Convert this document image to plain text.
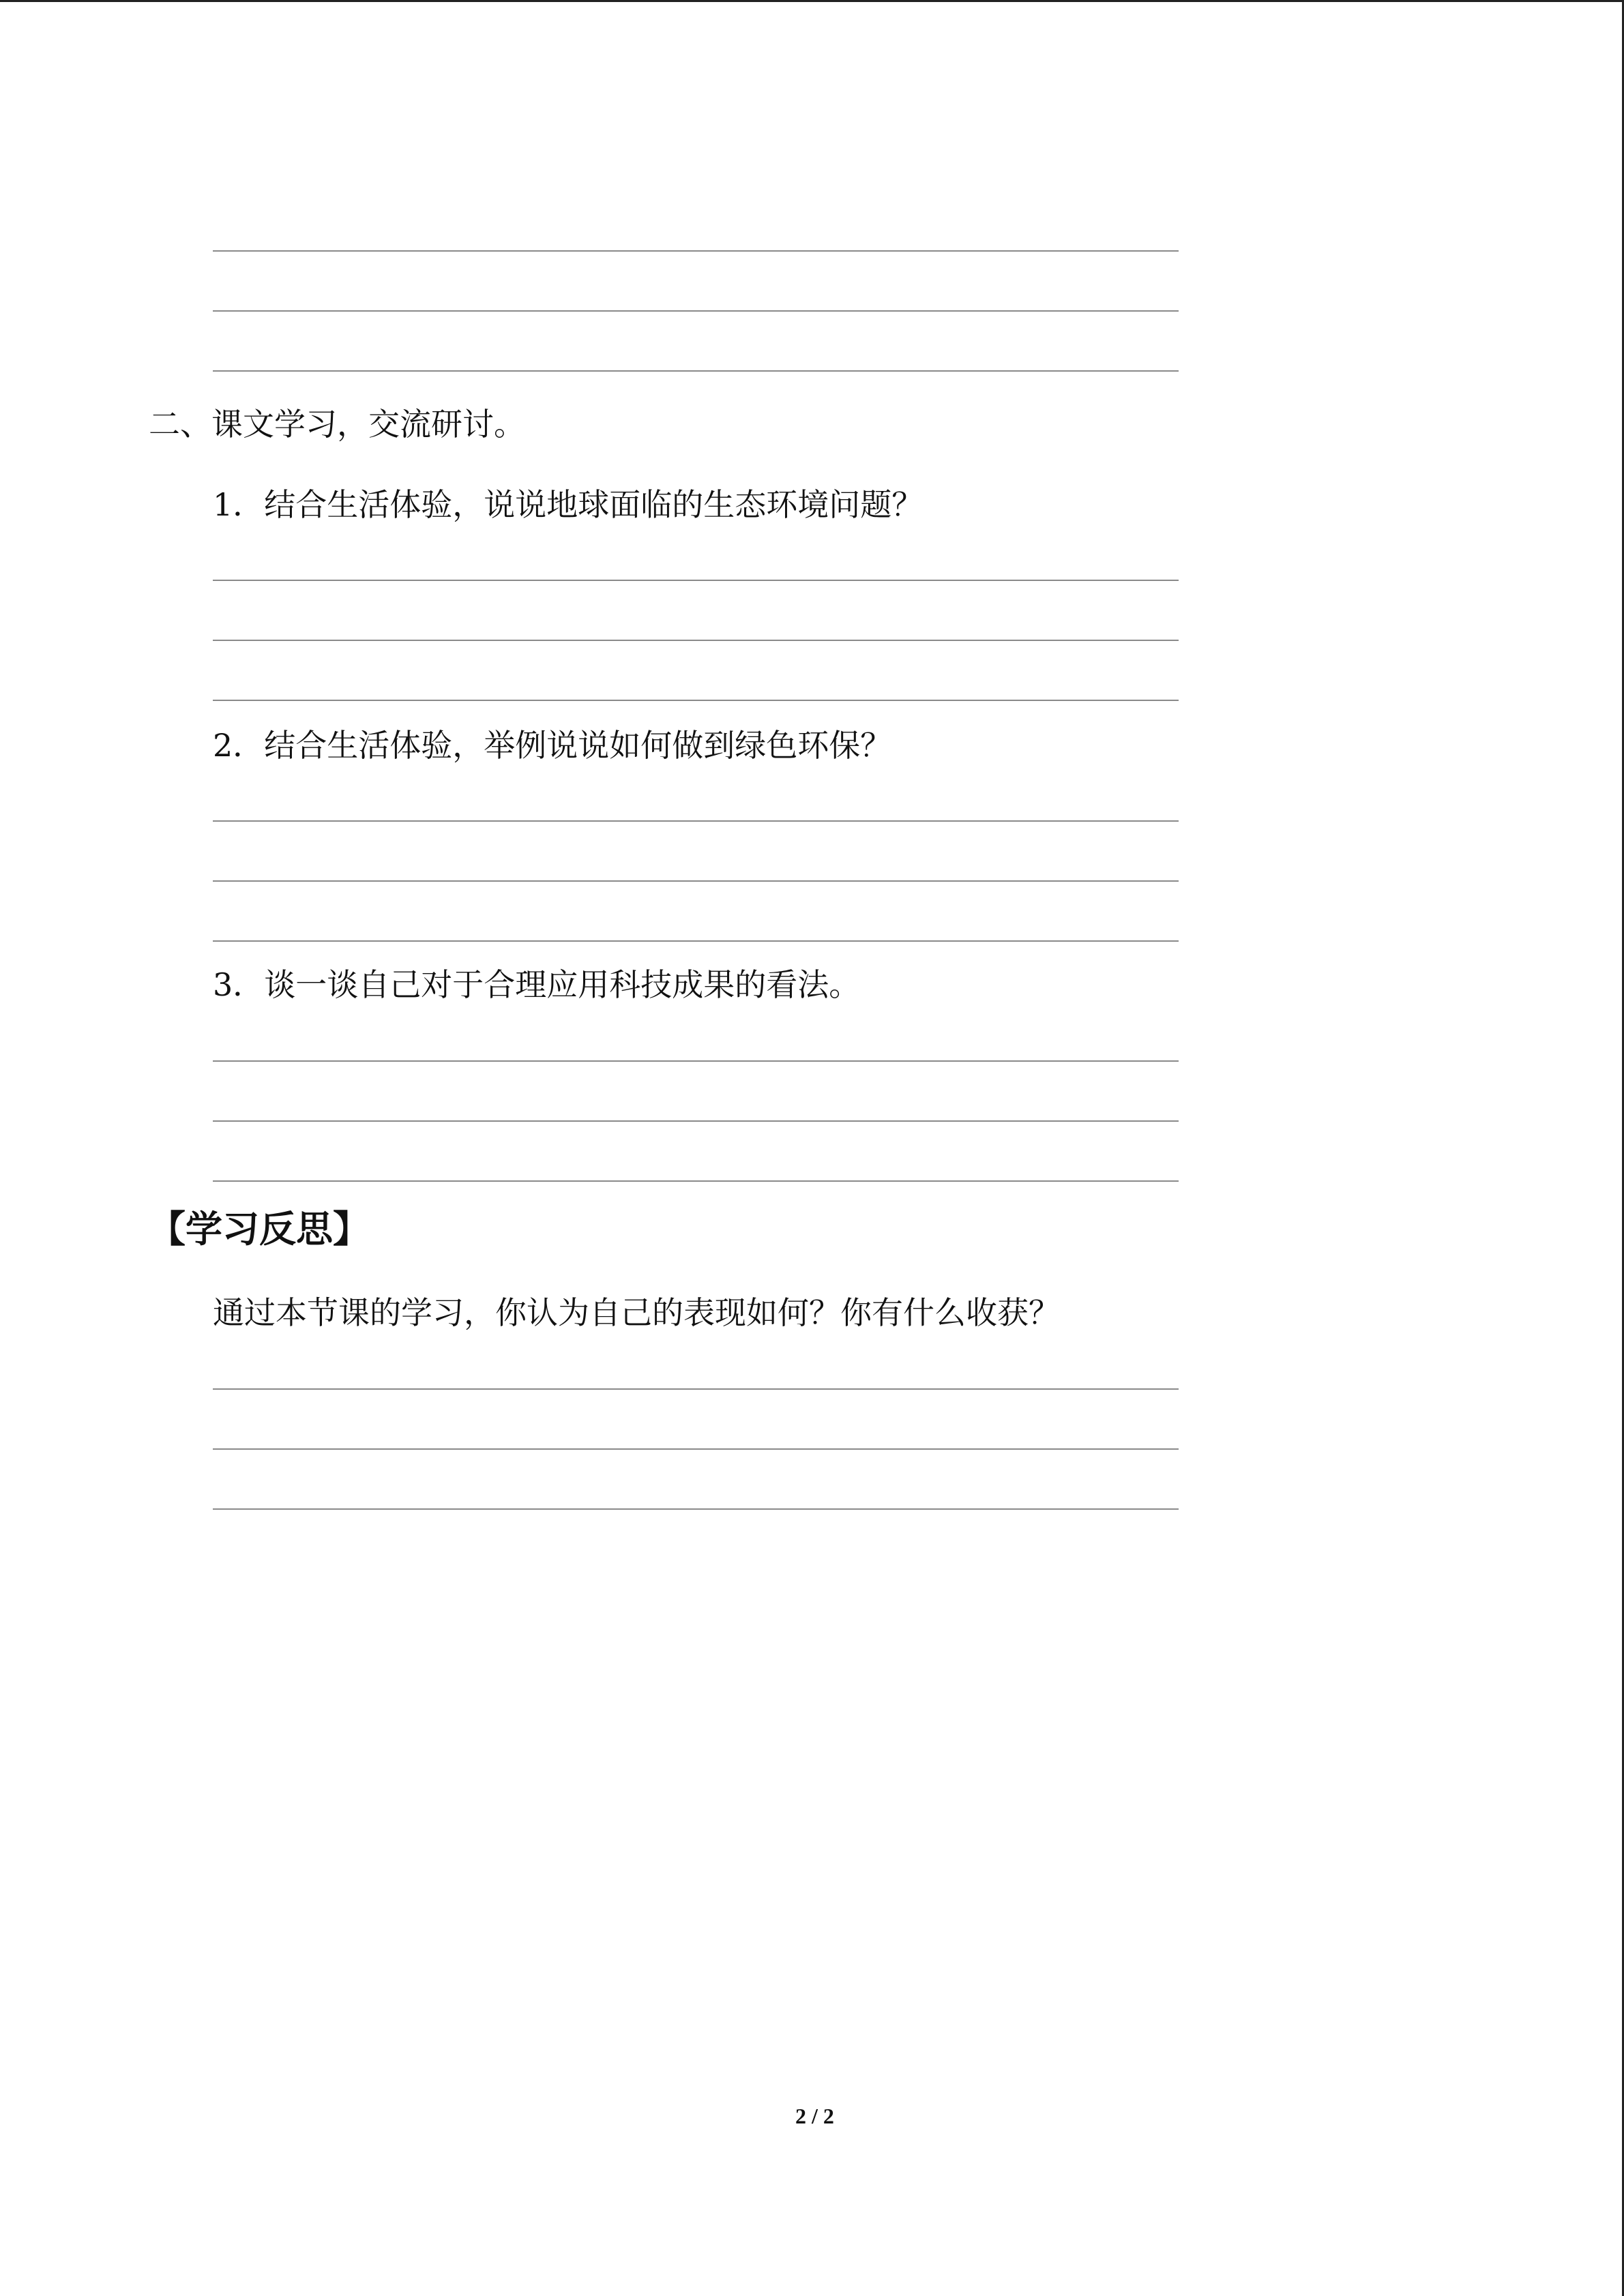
二、课文学习，交流研讨。
1．结合生活体验，说说地球面临的生态环境问题？
2．结合生活体验，举例说说如何做到绿色环保？
3．谈一谈自己对于合理应用科技成果的看法。
【学习反思】
通过本节课的学习，你认为自己的表现如何？你有什么收获？
2 / 2
